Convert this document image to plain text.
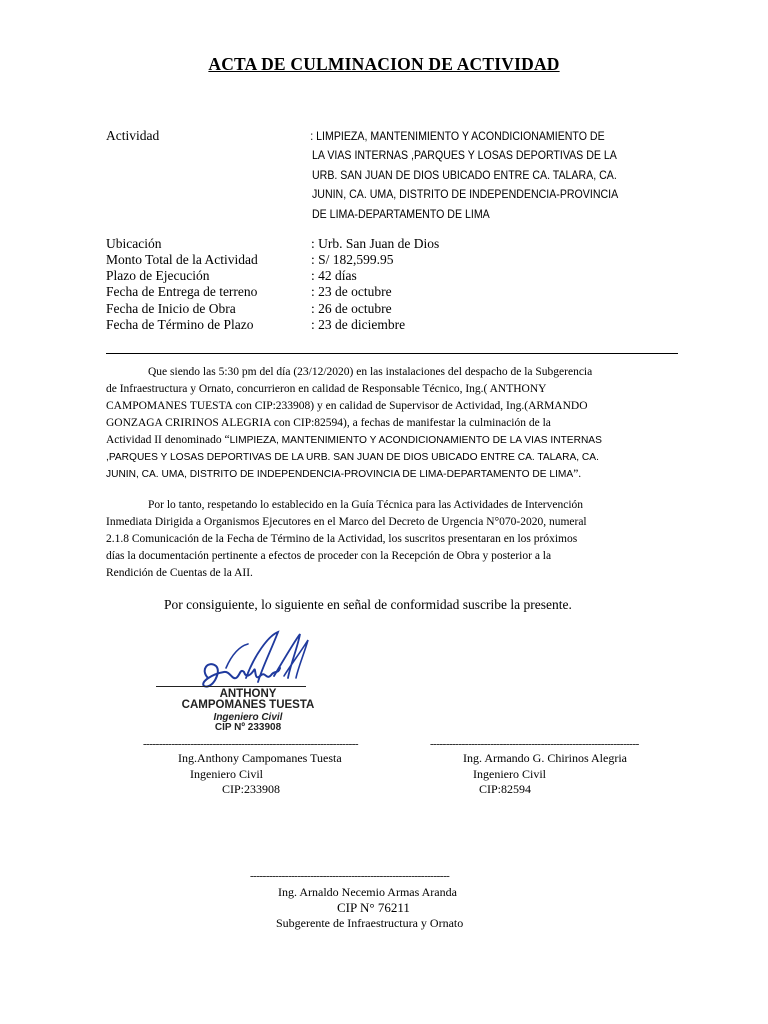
ACTA DE CULMINACION DE ACTIVIDAD
Actividad	: LIMPIEZA, MANTENIMIENTO Y ACONDICIONAMIENTO DE
LA VIAS INTERNAS ,PARQUES Y LOSAS DEPORTIVAS DE LA
URB. SAN JUAN DE DIOS UBICADO ENTRE CA. TALARA, CA.
JUNIN, CA. UMA, DISTRITO DE INDEPENDENCIA-PROVINCIA
DE LIMA-DEPARTAMENTO DE LIMA
Ubicación	: Urb. San Juan de Dios
Monto Total de la Actividad	: S/ 182,599.95
Plazo de Ejecución	: 42 días
Fecha de Entrega de terreno	: 23 de octubre
Fecha de Inicio de Obra	: 26 de octubre
Fecha de Término de Plazo	: 23 de diciembre
Que siendo las 5:30 pm del día (23/12/2020) en las instalaciones del despacho de la Subgerencia
de Infraestructura y Ornato, concurrieron en calidad de Responsable Técnico, Ing.( ANTHONY
CAMPOMANES TUESTA con CIP:233908) y en calidad de Supervisor de Actividad, Ing.(ARMANDO
GONZAGA CRIRINOS ALEGRIA con CIP:82594), a fechas de manifestar la culminación de la
Actividad II denominado “LIMPIEZA, MANTENIMIENTO Y ACONDICIONAMIENTO DE LA VIAS INTERNAS
,PARQUES Y LOSAS DEPORTIVAS DE LA URB. SAN JUAN DE DIOS UBICADO ENTRE CA. TALARA, CA.
JUNIN, CA. UMA, DISTRITO DE INDEPENDENCIA-PROVINCIA DE LIMA-DEPARTAMENTO DE LIMA”.
Por lo tanto, respetando lo establecido en la Guía Técnica para las Actividades de Intervención
Inmediata Dirigida a Organismos Ejecutores en el Marco del Decreto de Urgencia N°070-2020, numeral
2.1.8 Comunicación de la Fecha de Término de la Actividad, los suscritos presentaran en los próximos
días la documentación pertinente a efectos de proceder con la Recepción de Obra y posterior a la
Rendición de Cuentas de la AII.
Por consiguiente, lo siguiente en señal de conformidad suscribe la presente.
ANTHONY
CAMPOMANES TUESTA
Ingeniero Civil
CIP Nº 233908
--------------------------------------------------------------------	------------------------------------------------------------------
Ing.Anthony Campomanes Tuesta
Ingeniero Civil
CIP:233908
Ing. Armando G. Chirinos Alegria
Ingeniero Civil
CIP:82594
---------------------------------------------------------------
Ing. Arnaldo Necemio Armas Aranda
CIP N° 76211
Subgerente de Infraestructura y Ornato
